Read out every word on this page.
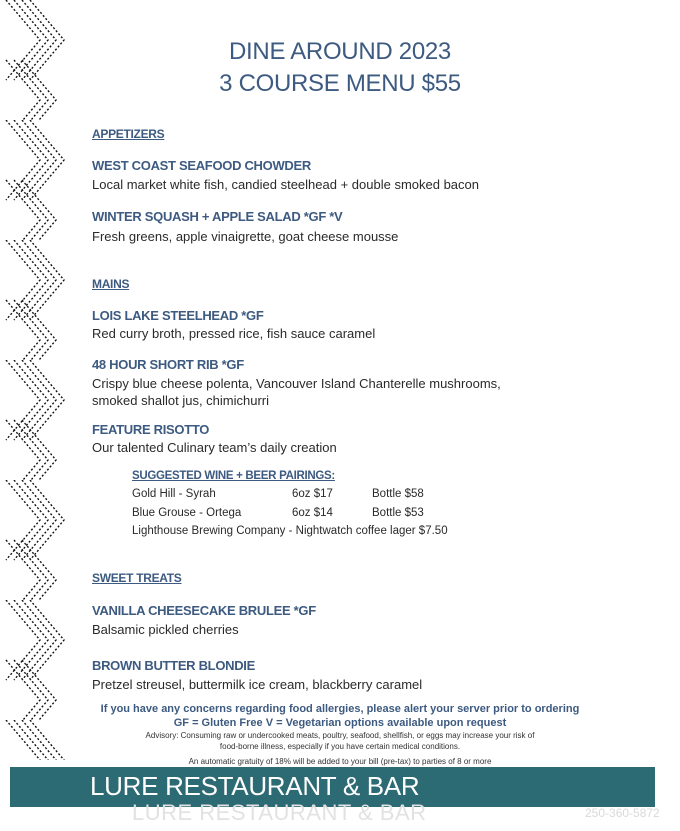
DINE AROUND 2023
3 COURSE MENU $55
APPETIZERS
WEST COAST SEAFOOD CHOWDER
Local market white fish, candied steelhead + double smoked bacon
WINTER SQUASH + APPLE SALAD *GF *V
Fresh greens, apple vinaigrette, goat cheese mousse
MAINS
LOIS LAKE STEELHEAD *GF
Red curry broth, pressed rice, fish sauce caramel
48 HOUR SHORT RIB *GF
Crispy blue cheese polenta, Vancouver Island Chanterelle mushrooms,
smoked shallot jus, chimichurri
FEATURE RISOTTO
Our talented Culinary team’s daily creation
SUGGESTED WINE + BEER PAIRINGS:
Gold Hill - Syrah	6oz $17	Bottle $58
Blue Grouse - Ortega	6oz $14	Bottle $53
Lighthouse Brewing Company - Nightwatch coffee lager $7.50
SWEET TREATS
VANILLA CHEESECAKE BRULEE *GF
Balsamic pickled cherries
BROWN BUTTER BLONDIE
Pretzel streusel, buttermilk ice cream, blackberry caramel
If you have any concerns regarding food allergies, please alert your server prior to ordering
GF = Gluten Free V = Vegetarian options available upon request
Advisory: Consuming raw or undercooked meats, poultry, seafood, shellfish, or eggs may increase your risk of
food-borne illness, especially if you have certain medical conditions.
An automatic gratuity of 18% will be added to your bill (pre-tax) to parties of 8 or more
LURE RESTAURANT & BAR
LURE RESTAURANT & BAR	250-360-5872
